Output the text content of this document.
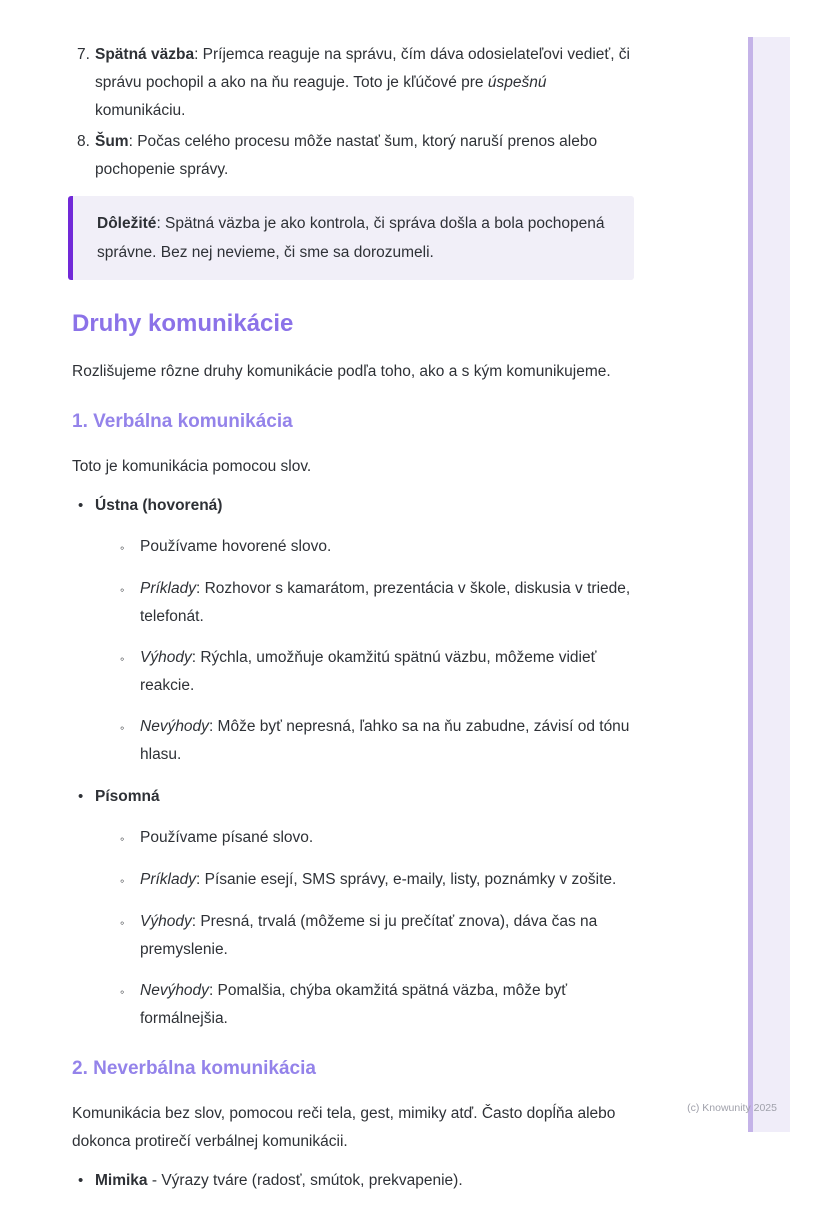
7. Spätná väzba: Príjemca reaguje na správu, čím dáva odosielateľovi vedieť, či správu pochopil a ako na ňu reaguje. Toto je kľúčové pre úspešnú komunikáciu.
8. Šum: Počas celého procesu môže nastať šum, ktorý naruší prenos alebo pochopenie správy.

Dôležité: Spätná väzba je ako kontrola, či správa došla a bola pochopená správne. Bez nej nevieme, či sme sa dorozumeli.

Druhy komunikácie

Rozlišujeme rôzne druhy komunikácie podľa toho, ako a s kým komunikujeme.

1. Verbálna komunikácia

Toto je komunikácia pomocou slov.

• Ústna (hovorená)
◦	Používame hovorené slovo.
◦	Príklady: Rozhovor s kamarátom, prezentácia v škole, diskusia v triede, telefonát.
◦	Výhody: Rýchla, umožňuje okamžitú spätnú väzbu, môžeme vidieť reakcie.
◦	Nevýhody: Môže byť nepresná, ľahko sa na ňu zabudne, závisí od tónu hlasu.
• Písomná
◦	Používame písané slovo.
◦	Príklady: Písanie esejí, SMS správy, e-maily, listy, poznámky v zošite.
◦	Výhody: Presná, trvalá (môžeme si ju prečítať znova), dáva čas na premyslenie.
◦	Nevýhody: Pomalšia, chýba okamžitá spätná väzba, môže byť formálnejšia.
2. Neverbálna komunikácia

Komunikácia bez slov, pomocou reči tela, gest, mimiky atď. Často dopĺňa alebo dokonca protirečí verbálnej komunikácii.

• Mimika - Výrazy tváre (radosť, smútok, prekvapenie).
(c) Knowunity 2025
